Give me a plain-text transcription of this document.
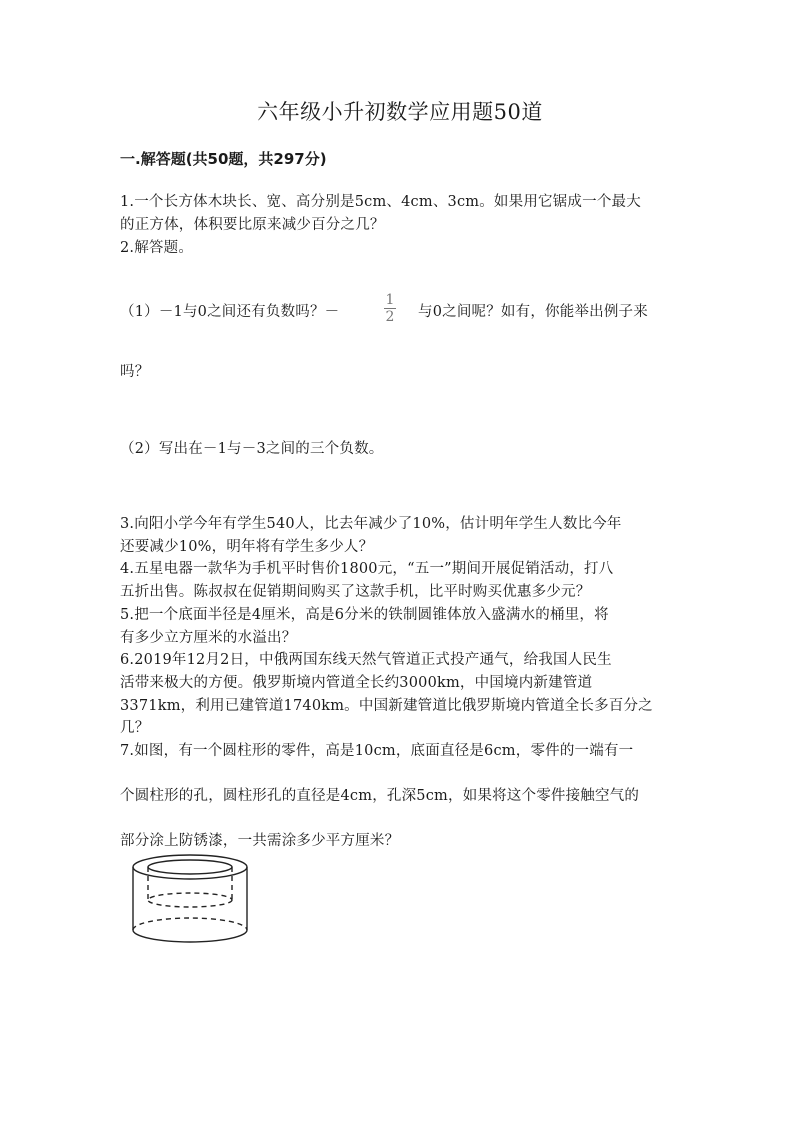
六年级小升初数学应用题50道
一.解答题(共50题，共297分)
1.一个长方体木块长、宽、高分别是5cm、4cm、3cm。如果用它锯成一个最大
的正方体，体积要比原来减少百分之几？
2.解答题。
（1）－1与0之间还有负数吗？－
1
2 与0之间呢？如有，你能举出例子来
吗？
（2）写出在－1与－3之间的三个负数。
3.向阳小学今年有学生540人，比去年减少了10%，估计明年学生人数比今年
还要减少10%，明年将有学生多少人？
4.五星电器一款华为手机平时售价1800元，“五一”期间开展促销活动，打八
五折出售。陈叔叔在促销期间购买了这款手机，比平时购买优惠多少元？
5.把一个底面半径是4厘米，高是6分米的铁制圆锥体放入盛满水的桶里，将
有多少立方厘米的水溢出？
6.2019年12月2日，中俄两国东线天然气管道正式投产通气，给我国人民生
活带来极大的方便。俄罗斯境内管道全长约3000km，中国境内新建管道
3371km，利用已建管道1740km。中国新建管道比俄罗斯境内管道全长多百分之
几？
7.如图，有一个圆柱形的零件，高是10cm，底面直径是6cm，零件的一端有一
个圆柱形的孔，圆柱形孔的直径是4cm，孔深5cm，如果将这个零件接触空气的
部分涂上防锈漆，一共需涂多少平方厘米？
